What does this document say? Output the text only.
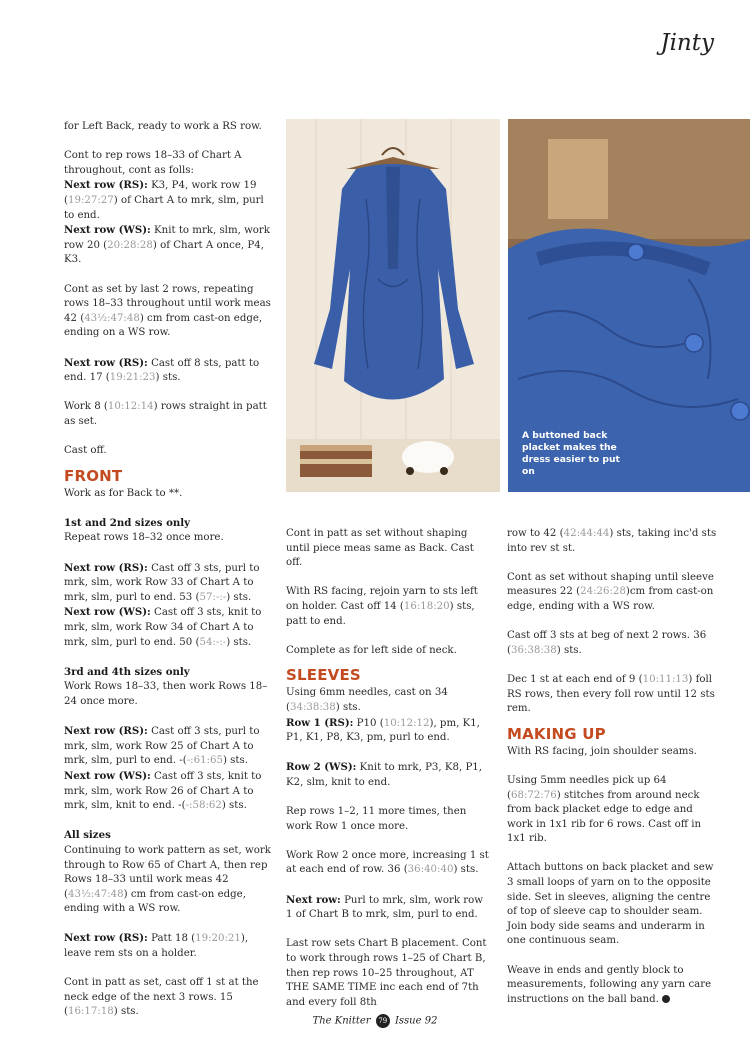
Jinty

for Left Back, ready to work a RS row.

Cont to rep rows 18–33 of Chart A throughout, cont as folls:
Next row (RS): K3, P4, work row 19 (19:27:27) of Chart A to mrk, slm, purl to end.
Next row (WS): Knit to mrk, slm, work row 20 (20:28:28) of Chart A once, P4, K3.

Cont as set by last 2 rows, repeating rows 18–33 throughout until work meas 42 (43½:47:48) cm from cast-on edge, ending on a WS row.

Next row (RS): Cast off 8 sts, patt to end. 17 (19:21:23) sts.

Work 8 (10:12:14) rows straight in patt as set.

Cast off.

FRONT

Work as for Back to **.

1st and 2nd sizes only
Repeat rows 18–32 once more.

Next row (RS): Cast off 3 sts, purl to mrk, slm, work Row 33 of Chart A to mrk, slm, purl to end. 53 (57:-:-) sts.
Next row (WS): Cast off 3 sts, knit to mrk, slm, work Row 34 of Chart A to mrk, slm, purl to end. 50 (54:-:-) sts.

3rd and 4th sizes only
Work Rows 18–33, then work Rows 18–24 once more.

Next row (RS): Cast off 3 sts, purl to mrk, slm, work Row 25 of Chart A to mrk, slm, purl to end. -(-:61:65) sts.
Next row (WS): Cast off 3 sts, knit to mrk, slm, work Row 26 of Chart A to mrk, slm, knit to end. -(-:58:62) sts.

All sizes
Continuing to work pattern as set, work through to Row 65 of Chart A, then rep Rows 18–33 until work meas 42 (43½:47:48) cm from cast-on edge, ending with a WS row.

Next row (RS): Patt 18 (19:20:21), leave rem sts on a holder.

Cont in patt as set, cast off 1 st at the neck edge of the next 3 rows. 15 (16:17:18) sts.

A buttoned back placket makes the dress easier to put on

Cont in patt as set without shaping until piece meas same as Back. Cast off.

With RS facing, rejoin yarn to sts left on holder. Cast off 14 (16:18:20) sts, patt to end.

Complete as for left side of neck.

SLEEVES

Using 6mm needles, cast on 34 (34:38:38) sts.
Row 1 (RS): P10 (10:12:12), pm, K1, P1, K1, P8, K3, pm, purl to end.

Row 2 (WS): Knit to mrk, P3, K8, P1, K2, slm, knit to end.

Rep rows 1–2, 11 more times, then work Row 1 once more.

Work Row 2 once more, increasing 1 st at each end of row. 36 (36:40:40) sts.

Next row: Purl to mrk, slm, work row 1 of Chart B to mrk, slm, purl to end.

Last row sets Chart B placement. Cont to work through rows 1–25 of Chart B, then rep rows 10–25 throughout, AT THE SAME TIME inc each end of 7th and every foll 8th

row to 42 (42:44:44) sts, taking inc'd sts into rev st st.

Cont as set without shaping until sleeve measures 22 (24:26:28)cm from cast-on edge, ending with a WS row.

Cast off 3 sts at beg of next 2 rows. 36 (36:38:38) sts.

Dec 1 st at each end of 9 (10:11:13) foll RS rows, then every foll row until 12 sts rem.

MAKING UP

With RS facing, join shoulder seams.

Using 5mm needles pick up 64 (68:72:76) stitches from around neck from back placket edge to edge and work in 1x1 rib for 6 rows. Cast off in 1x1 rib.

Attach buttons on back placket and sew 3 small loops of yarn on to the opposite side. Set in sleeves, aligning the centre of top of sleeve cap to shoulder seam. Join body side seams and underarm in one continuous seam.

Weave in ends and gently block to measurements, following any yarn care instructions on the ball band.

The Knitter 79 Issue 92
